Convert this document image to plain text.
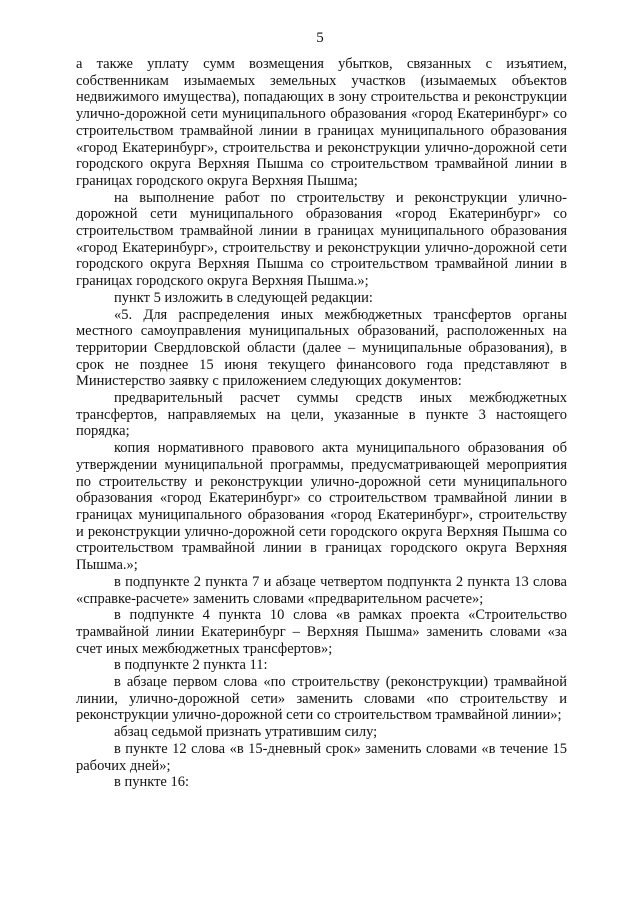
5

а также уплату сумм возмещения убытков, связанных с изъятием, собственникам изымаемых земельных участков (изымаемых объектов недвижимого имущества), попадающих в зону строительства и реконструкции улично-дорожной сети муниципального образования «город Екатеринбург» со строительством трамвайной линии в границах муниципального образования «город Екатеринбург», строительства и реконструкции улично-дорожной сети городского округа Верхняя Пышма со строительством трамвайной линии в границах городского округа Верхняя Пышма;

на выполнение работ по строительству и реконструкции улично-дорожной сети муниципального образования «город Екатеринбург» со строительством трамвайной линии в границах муниципального образования «город Екатеринбург», строительству и реконструкции улично-дорожной сети городского округа Верхняя Пышма со строительством трамвайной линии в границах городского округа Верхняя Пышма.»;

пункт 5 изложить в следующей редакции:

«5. Для распределения иных межбюджетных трансфертов органы местного самоуправления муниципальных образований, расположенных на территории Свердловской области (далее – муниципальные образования), в срок не позднее 15 июня текущего финансового года представляют в Министерство заявку с приложением следующих документов:

предварительный расчет суммы средств иных межбюджетных трансфертов, направляемых на цели, указанные в пункте 3 настоящего порядка;

копия нормативного правового акта муниципального образования об утверждении муниципальной программы, предусматривающей мероприятия по строительству и реконструкции улично-дорожной сети муниципального образования «город Екатеринбург» со строительством трамвайной линии в границах муниципального образования «город Екатеринбург», строительству и реконструкции улично-дорожной сети городского округа Верхняя Пышма со строительством трамвайной линии в границах городского округа Верхняя Пышма.»;

в подпункте 2 пункта 7 и абзаце четвертом подпункта 2 пункта 13 слова «справке-расчете» заменить словами «предварительном расчете»;

в подпункте 4 пункта 10 слова «в рамках проекта «Строительство трамвайной линии Екатеринбург – Верхняя Пышма» заменить словами «за счет иных межбюджетных трансфертов»;

в подпункте 2 пункта 11:

в абзаце первом слова «по строительству (реконструкции) трамвайной линии, улично-дорожной сети» заменить словами «по строительству и реконструкции улично-дорожной сети со строительством трамвайной линии»;

абзац седьмой признать утратившим силу;

в пункте 12 слова «в 15-дневный срок» заменить словами «в течение 15 рабочих дней»;

в пункте 16:
